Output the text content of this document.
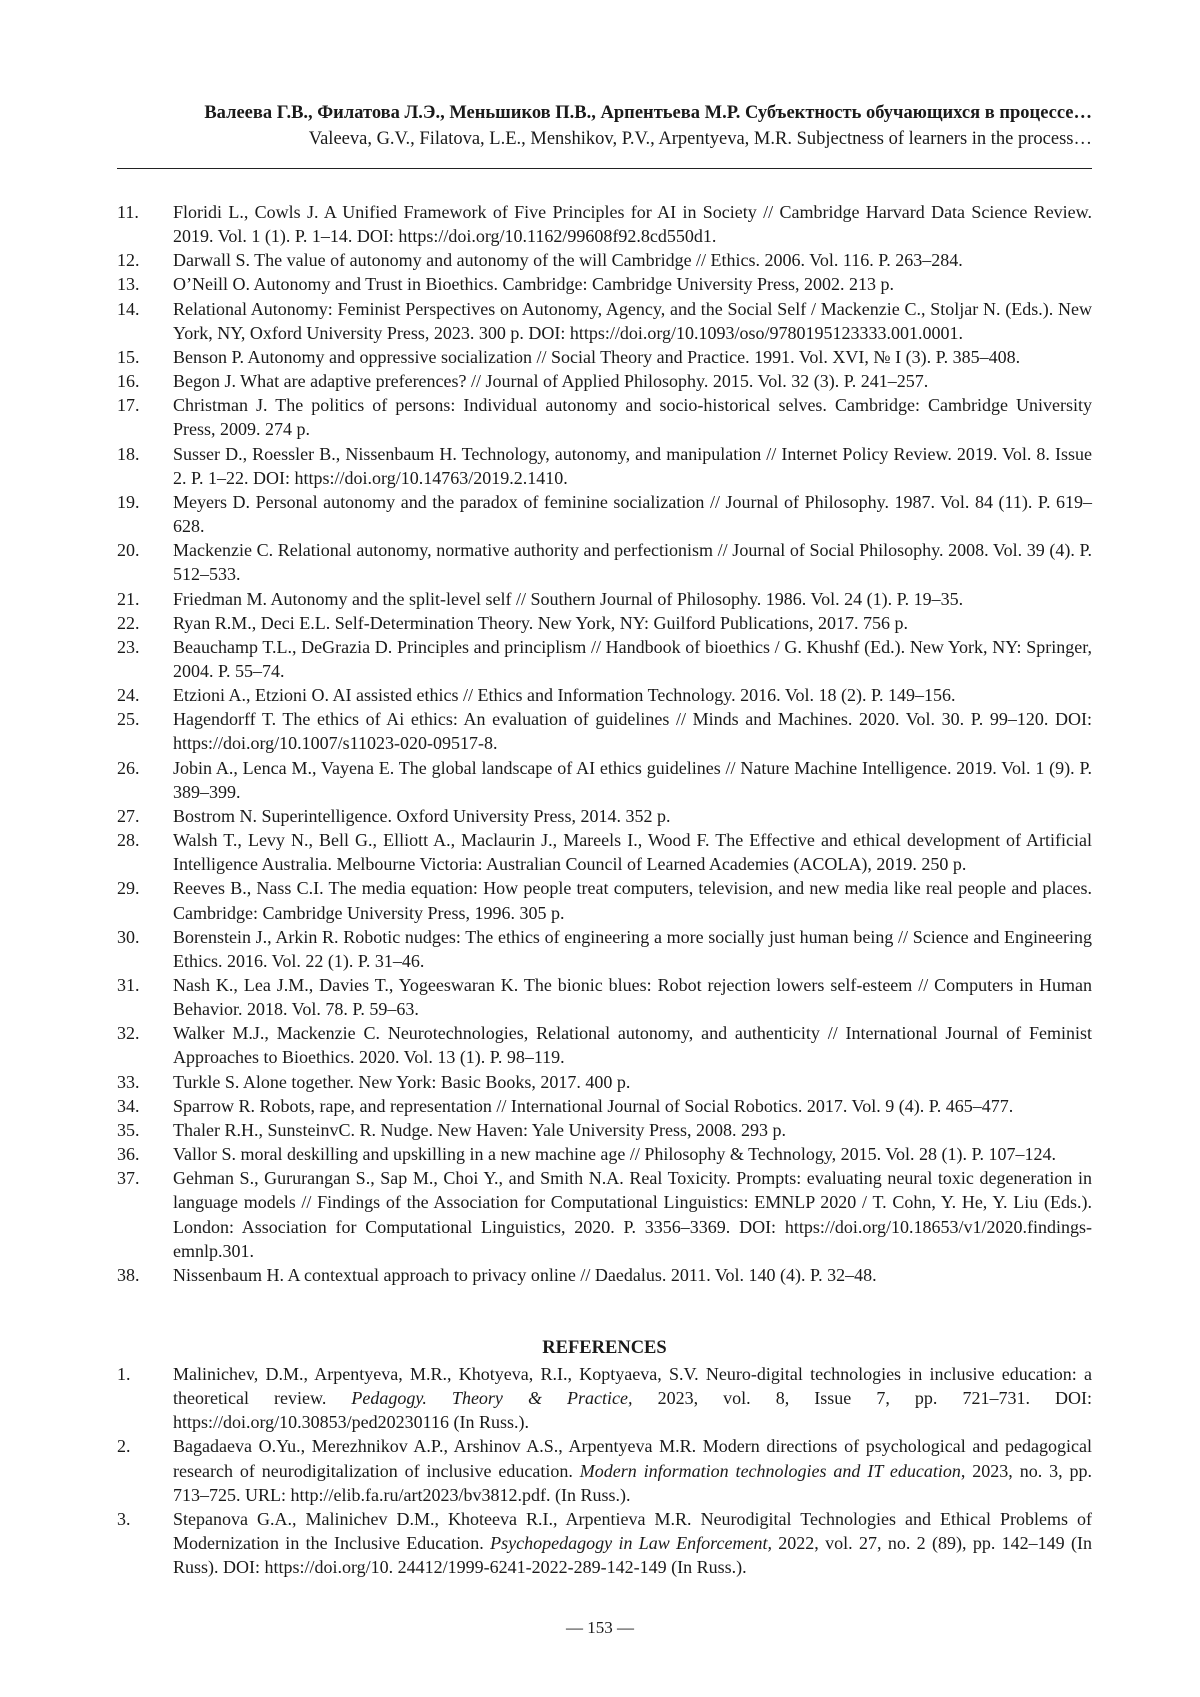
Валеева Г.В., Филатова Л.Э., Меньшиков П.В., Арпентьева М.Р. Субъектность обучающихся в процессе…
Valeeva, G.V., Filatova, L.E., Menshikov, P.V., Arpentyeva, M.R. Subjectness of learners in the process…
11. Floridi L., Cowls J. A Unified Framework of Five Principles for AI in Society // Cambridge Harvard Data Science Review. 2019. Vol. 1 (1). P. 1–14. DOI: https://doi.org/10.1162/99608f92.8cd550d1.
12. Darwall S. The value of autonomy and autonomy of the will Cambridge // Ethics. 2006. Vol. 116. P. 263–284.
13. O’Neill O. Autonomy and Trust in Bioethics. Cambridge: Cambridge University Press, 2002. 213 p.
14. Relational Autonomy: Feminist Perspectives on Autonomy, Agency, and the Social Self / Mackenzie C., Stoljar N. (Eds.). New York, NY, Oxford University Press, 2023. 300 p. DOI: https://doi.org/10.1093/oso/9780195123333.001.0001.
15. Benson P. Autonomy and oppressive socialization // Social Theory and Practice. 1991. Vol. XVI, № I (3). P. 385–408.
16. Begon J. What are adaptive preferences? // Journal of Applied Philosophy. 2015. Vol. 32 (3). P. 241–257.
17. Christman J. The politics of persons: Individual autonomy and socio-historical selves. Cambridge: Cambridge University Press, 2009. 274 p.
18. Susser D., Roessler B., Nissenbaum H. Technology, autonomy, and manipulation // Internet Policy Review. 2019. Vol. 8. Issue 2. P. 1–22. DOI: https://doi.org/10.14763/2019.2.1410.
19. Meyers D. Personal autonomy and the paradox of feminine socialization // Journal of Philosophy. 1987. Vol. 84 (11). P. 619–628.
20. Mackenzie C. Relational autonomy, normative authority and perfectionism // Journal of Social Philosophy. 2008. Vol. 39 (4). P. 512–533.
21. Friedman M. Autonomy and the split-level self // Southern Journal of Philosophy. 1986. Vol. 24 (1). P. 19–35.
22. Ryan R.M., Deci E.L. Self-Determination Theory. New York, NY: Guilford Publications, 2017. 756 p.
23. Beauchamp T.L., DeGrazia D. Principles and principlism // Handbook of bioethics / G. Khushf (Ed.). New York, NY: Springer, 2004. P. 55–74.
24. Etzioni A., Etzioni O. AI assisted ethics // Ethics and Information Technology. 2016. Vol. 18 (2). P. 149–156.
25. Hagendorff T. The ethics of Ai ethics: An evaluation of guidelines // Minds and Machines. 2020. Vol. 30. P. 99–120. DOI: https://doi.org/10.1007/s11023-020-09517-8.
26. Jobin A., Lenca M., Vayena E. The global landscape of AI ethics guidelines // Nature Machine Intelligence. 2019. Vol. 1 (9). P. 389–399.
27. Bostrom N. Superintelligence. Oxford University Press, 2014. 352 p.
28. Walsh T., Levy N., Bell G., Elliott A., Maclaurin J., Mareels I., Wood F. The Effective and ethical development of Artificial Intelligence Australia. Melbourne Victoria: Australian Council of Learned Academies (ACOLA), 2019. 250 p.
29. Reeves B., Nass C.I. The media equation: How people treat computers, television, and new media like real people and places. Cambridge: Cambridge University Press, 1996. 305 p.
30. Borenstein J., Arkin R. Robotic nudges: The ethics of engineering a more socially just human being // Science and Engineering Ethics. 2016. Vol. 22 (1). P. 31–46.
31. Nash K., Lea J.M., Davies T., Yogeeswaran K. The bionic blues: Robot rejection lowers self-esteem // Computers in Human Behavior. 2018. Vol. 78. P. 59–63.
32. Walker M.J., Mackenzie C. Neurotechnologies, Relational autonomy, and authenticity // International Journal of Feminist Approaches to Bioethics. 2020. Vol. 13 (1). P. 98–119.
33. Turkle S. Alone together. New York: Basic Books, 2017. 400 p.
34. Sparrow R. Robots, rape, and representation // International Journal of Social Robotics. 2017. Vol. 9 (4). P. 465–477.
35. Thaler R.H., SunsteinvC. R. Nudge. New Haven: Yale University Press, 2008. 293 p.
36. Vallor S. moral deskilling and upskilling in a new machine age // Philosophy & Technology, 2015. Vol. 28 (1). P. 107–124.
37. Gehman S., Gururangan S., Sap M., Choi Y., and Smith N.A. Real Toxicity. Prompts: evaluating neural toxic degeneration in language models // Findings of the Association for Computational Linguistics: EMNLP 2020 / T. Cohn, Y. He, Y. Liu (Eds.). London: Association for Computational Linguistics, 2020. P. 3356–3369. DOI: https://doi.org/10.18653/v1/2020.findings-emnlp.301.
38. Nissenbaum H. A contextual approach to privacy online // Daedalus. 2011. Vol. 140 (4). P. 32–48.
REFERENCES
1. Malinichev, D.M., Arpentyeva, M.R., Khotyeva, R.I., Koptyaeva, S.V. Neuro-digital technologies in inclusive education: a theoretical review. Pedagogy. Theory & Practice, 2023, vol. 8, Issue 7, pp. 721–731. DOI: https://doi.org/10.30853/ped20230116 (In Russ.).
2. Bagadaeva O.Yu., Merezhnikov A.P., Arshinov A.S., Arpentyeva M.R. Modern directions of psychological and pedagogical research of neurodigitalization of inclusive education. Modern information technologies and IT education, 2023, no. 3, pp. 713–725. URL: http://elib.fa.ru/art2023/bv3812.pdf. (In Russ.).
3. Stepanova G.A., Malinichev D.M., Khoteeva R.I., Arpentieva M.R. Neurodigital Technologies and Ethical Problems of Modernization in the Inclusive Education. Psychopedagogy in Law Enforcement, 2022, vol. 27, no. 2 (89), pp. 142–149 (In Russ). DOI: https://doi.org/10. 24412/1999-6241-2022-289-142-149 (In Russ.).
— 153 —
